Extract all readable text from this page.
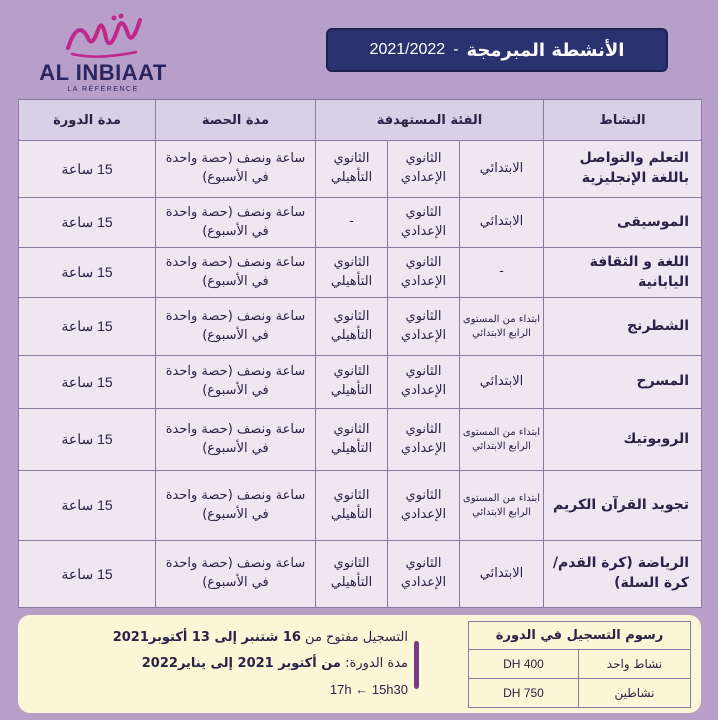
AL INBIAAT
LA RÉFÉRENCE
الأنشطة المبرمجة
-
2021/2022
النشاط	الفئة المستهدفة			مدة الحصة	مدة الدورة
التعلم والتواصل باللغة الإنجليزية	الابتدائي	الثانوي الإعدادي	الثانوي التأهيلي	ساعة ونصف (حصة واحدة في الأسبوع)	15 ساعة
الموسيقى	الابتدائي	الثانوي الإعدادي	-	ساعة ونصف (حصة واحدة في الأسبوع)	15 ساعة
اللغة و الثقافة اليابانية	-	الثانوي الإعدادي	الثانوي التأهيلي	ساعة ونصف (حصة واحدة في الأسبوع)	15 ساعة
الشطرنج	ابتداء من المستوى الرابع الابتدائي	الثانوي الإعدادي	الثانوي التأهيلي	ساعة ونصف (حصة واحدة في الأسبوع)	15 ساعة
المسرح	الابتدائي	الثانوي الإعدادي	الثانوي التأهيلي	ساعة ونصف (حصة واحدة في الأسبوع)	15 ساعة
الروبوتيك	ابتداء من المستوى الرابع الابتدائي	الثانوي الإعدادي	الثانوي التأهيلي	ساعة ونصف (حصة واحدة في الأسبوع)	15 ساعة
تجويد القرآن الكريم	ابتداء من المستوى الرابع الابتدائي	الثانوي الإعدادي	الثانوي التأهيلي	ساعة ونصف (حصة واحدة في الأسبوع)	15 ساعة
الرياضة (كرة القدم/ كرة السلة)	الابتدائي	الثانوي الإعدادي	الثانوي التأهيلي	ساعة ونصف (حصة واحدة في الأسبوع)	15 ساعة
التسجيل مفتوح من 16 شتنبر إلى 13 أكتوبر2021
مدة الدورة: من أكتوبر 2021 إلى يناير2022
17h ← 15h30
رسوم التسجيل في الدورة	
نشاط واحد	400 DH
نشاطين	750 DH
